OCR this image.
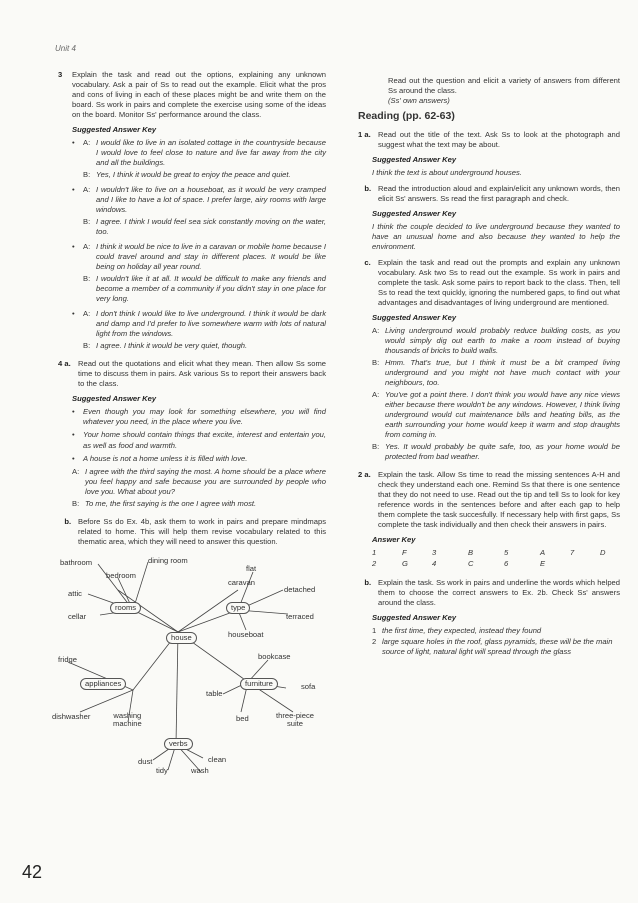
Unit 4
3	Explain the task and read out the options, explaining any unknown vocabulary. Ask a pair of Ss to read out the example. Elicit what the pros and cons of living in each of these places might be and write them on the board. Ss work in pairs and complete the exercise using some of the ideas on the board. Monitor Ss' performance around the class.
Suggested Answer Key
•	A: I would like to live in an isolated cottage in the countryside because I would love to feel close to nature and live far away from the city and all the buildings.
B: Yes, I think it would be great to enjoy the peace and quiet.
•	A: I wouldn't like to live on a houseboat, as it would be very cramped and I like to have a lot of space. I prefer large, airy rooms with large windows.
B: I agree. I think I would feel sea sick constantly moving on the water, too.
•	A: I think it would be nice to live in a caravan or mobile home because I could travel around and stay in different places. It would be like being on holiday all year round.
B: I wouldn't like it at all. It would be difficult to make any friends and become a member of a community if you didn't stay in one place for very long.
•	A: I don't think I would like to live underground. I think it would be dark and damp and I'd prefer to live somewhere warm with lots of natural light from the windows.
B: I agree. I think it would be very quiet, though.
4 a. Read out the quotations and elicit what they mean. Then allow Ss some time to discuss them in pairs. Ask various Ss to report their answers back to the class.
Suggested Answer Key
•	Even though you may look for something elsewhere, you will find whatever you need, in the place where you live.
•	Your home should contain things that excite, interest and entertain you, as well as food and warmth.
•	A house is not a home unless it is filled with love.
A: I agree with the third saying the most. A home should be a place where you feel happy and safe because you are surrounded by people who love you. What about you?
B: To me, the first saying is the one I agree with most.
b. Before Ss do Ex. 4b, ask them to work in pairs and prepare mindmaps related to home. This will help them revise vocabulary related to this thematic area, which they will need to answer this question.
bathroom	dining room
flat
bedroom
caravan
detached
attic
cellar
rooms	type
terraced
houseboat
house
fridge	bookcase
appliances	furniture	sofa
table
dishwasher	washing
machine
bed	three-piece
suite
verbs
dust	clean
tidy	wash
Read out the question and elicit a variety of answers from different Ss around the class.
(Ss' own answers)
Reading (pp. 62-63)
1 a. Read out the title of the text. Ask Ss to look at the photograph and suggest what the text may be about.
Suggested Answer Key
I think the text is about underground houses.
b. Read the introduction aloud and explain/elicit any unknown words, then elicit Ss' answers. Ss read the first paragraph and check.
Suggested Answer Key
I think the couple decided to live underground because they wanted to have an unusual home and also because they wanted to help the environment.
c. Explain the task and read out the prompts and explain any unknown vocabulary. Ask two Ss to read out the example. Ss work in pairs and complete the task. Ask some pairs to report back to the class. Then, tell Ss to read the text quickly, ignoring the numbered gaps, to find out what advantages and disadvantages of living underground are mentioned.
Suggested Answer Key
A: Living underground would probably reduce building costs, as you would simply dig out earth to make a room instead of buying thousands of bricks to build walls.
B: Hmm. That's true, but I think it must be a bit cramped living underground and you might not have much contact with your neighbours, too.
A: You've got a point there. I don't think you would have any nice views either because there wouldn't be any windows. However, I think living underground would cut maintenance bills and heating bills, as the earth surrounding your home would keep it warm and stop draughts from coming in.
B: Yes. It would probably be quite safe, too, as your home would be protected from bad weather.
2 a. Explain the task. Allow Ss time to read the missing sentences A-H and check they understand each one. Remind Ss that there is one sentence that they do not need to use. Read out the tip and tell Ss to look for key reference words in the sentences before and after each gap to help them complete the task succesfully. If necessary help with first gaps, Ss complete the task individually and then check their answers in pairs.
Answer Key
1	F	3	B	5	A	7	D
2	G	4	C	6	E
b. Explain the task. Ss work in pairs and underline the words which helped them to choose the correct answers to Ex. 2b. Check Ss' answers around the class.
Suggested Answer Key
1 the first time, they expected, instead they found
2 large square holes in the roof, glass pyramids, these will be the main source of light, natural light will spread through the glass
42
